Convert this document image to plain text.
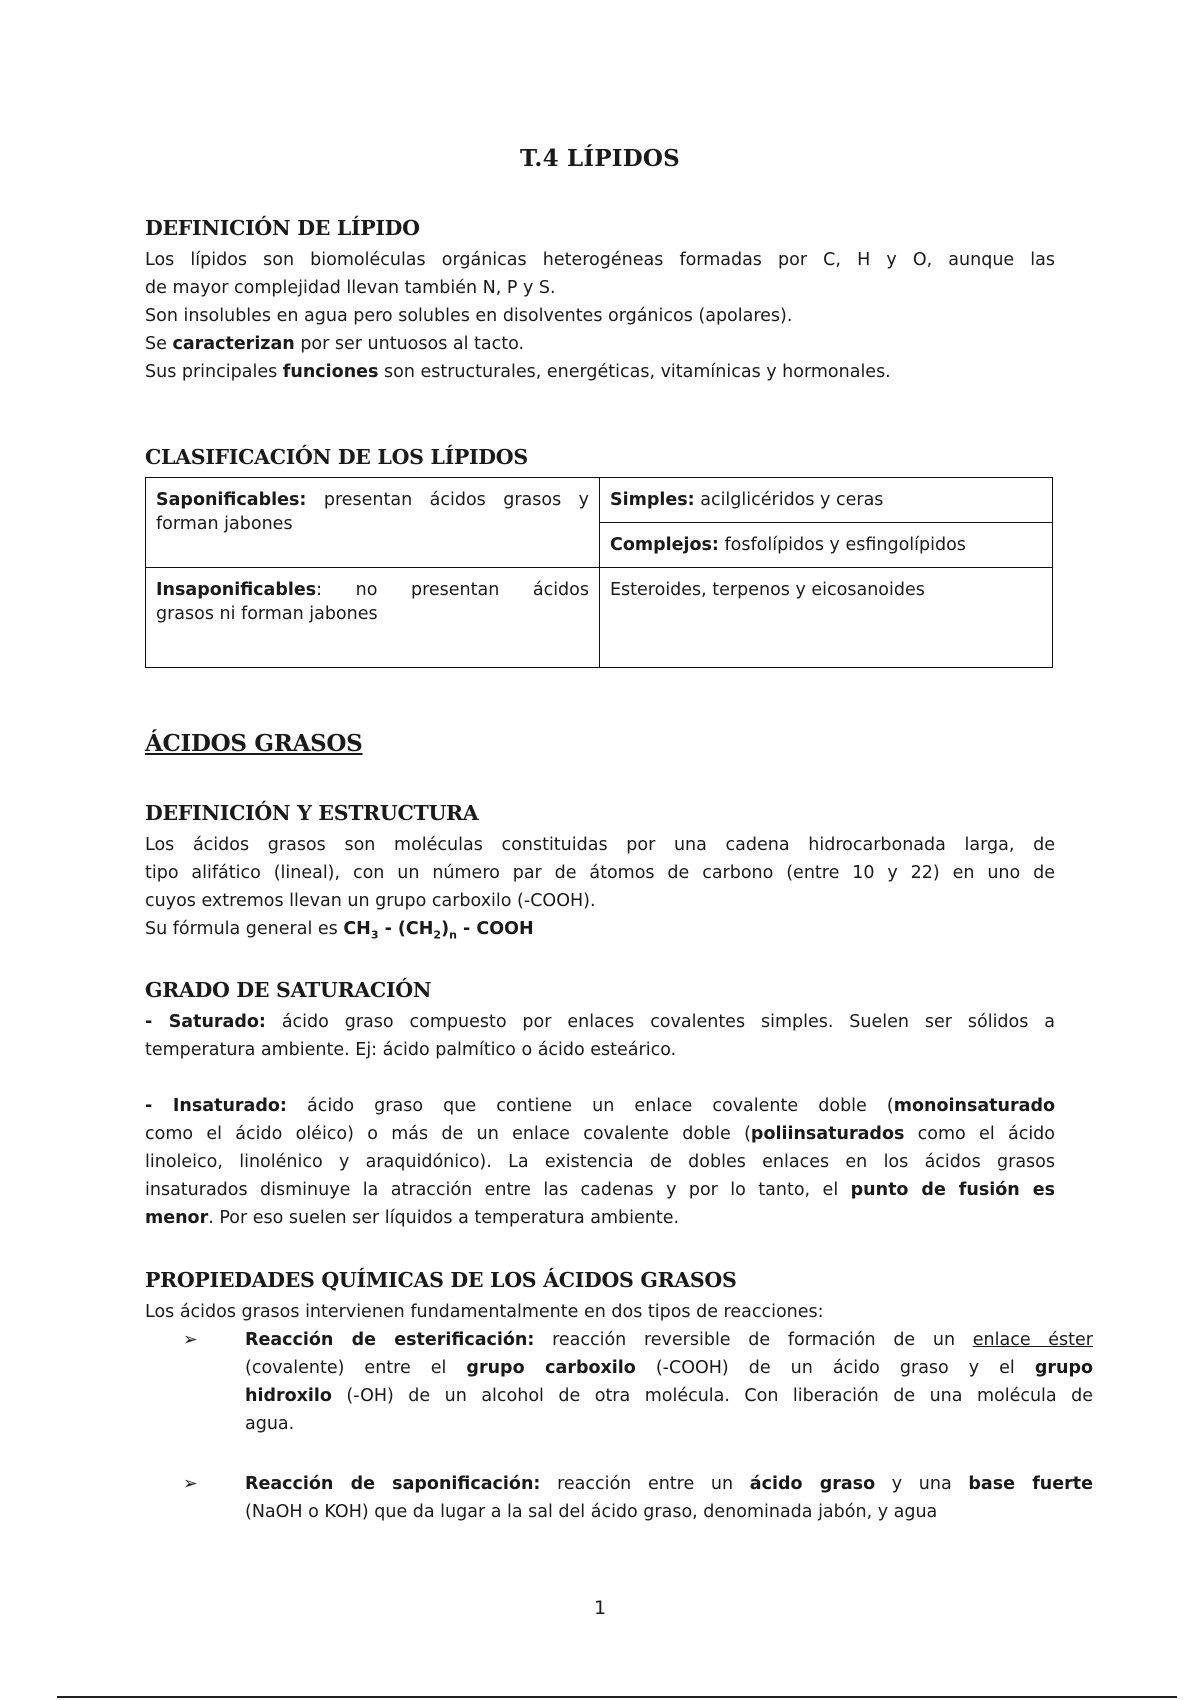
T.4 LÍPIDOS
DEFINICIÓN DE LÍPIDO
Los lípidos son biomoléculas orgánicas heterogéneas formadas por C, H y O, aunque las
de mayor complejidad llevan también N, P y S.
Son insolubles en agua pero solubles en disolventes orgánicos (apolares).
Se caracterizan por ser untuosos al tacto.
Sus principales funciones son estructurales, energéticas, vitamínicas y hormonales.
CLASIFICACIÓN DE LOS LÍPIDOS
Saponificables: presentan ácidos grasos y
forman jabones	Simples: acilglicéridos y ceras
	Complejos: fosfolípidos y esfingolípidos

Insaponificables: no presentan ácidos
grasos ni forman jabones	Esteroides, terpenos y eicosanoides
ÁCIDOS GRASOS
DEFINICIÓN Y ESTRUCTURA
Los ácidos grasos son moléculas constituidas por una cadena hidrocarbonada larga, de
tipo alifático (lineal), con un número par de átomos de carbono (entre 10 y 22) en uno de
cuyos extremos llevan un grupo carboxilo (-COOH).
Su fórmula general es $CH_3 - (CH_2)_n$ - COOH
GRADO DE SATURACIÓN
- Saturado: ácido graso compuesto por enlaces covalentes simples. Suelen ser sólidos a
temperatura ambiente. Ej: ácido palmítico o ácido esteárico.
- Insaturado: ácido graso que contiene un enlace covalente doble (monoinsaturado
como el ácido oléico) o más de un enlace covalente doble (poliinsaturados como el ácido
linoleico, linolénico y araquidónico). La existencia de dobles enlaces en los ácidos grasos
insaturados disminuye la atracción entre las cadenas y por lo tanto, el punto de fusión es
menor. Por eso suelen ser líquidos a temperatura ambiente.
PROPIEDADES QUÍMICAS DE LOS ÁCIDOS GRASOS
Los ácidos grasos intervienen fundamentalmente en dos tipos de reacciones:
➢	Reacción de esterificación: reacción reversible de formación de un enlace éster
(covalente) entre el grupo carboxilo (-COOH) de un ácido graso y el grupo
hidroxilo (-OH) de un alcohol de otra molécula. Con liberación de una molécula de
agua.
➢	Reacción de saponificación: reacción entre un ácido graso y una base fuerte
(NaOH o KOH) que da lugar a la sal del ácido graso, denominada jabón, y agua
1
